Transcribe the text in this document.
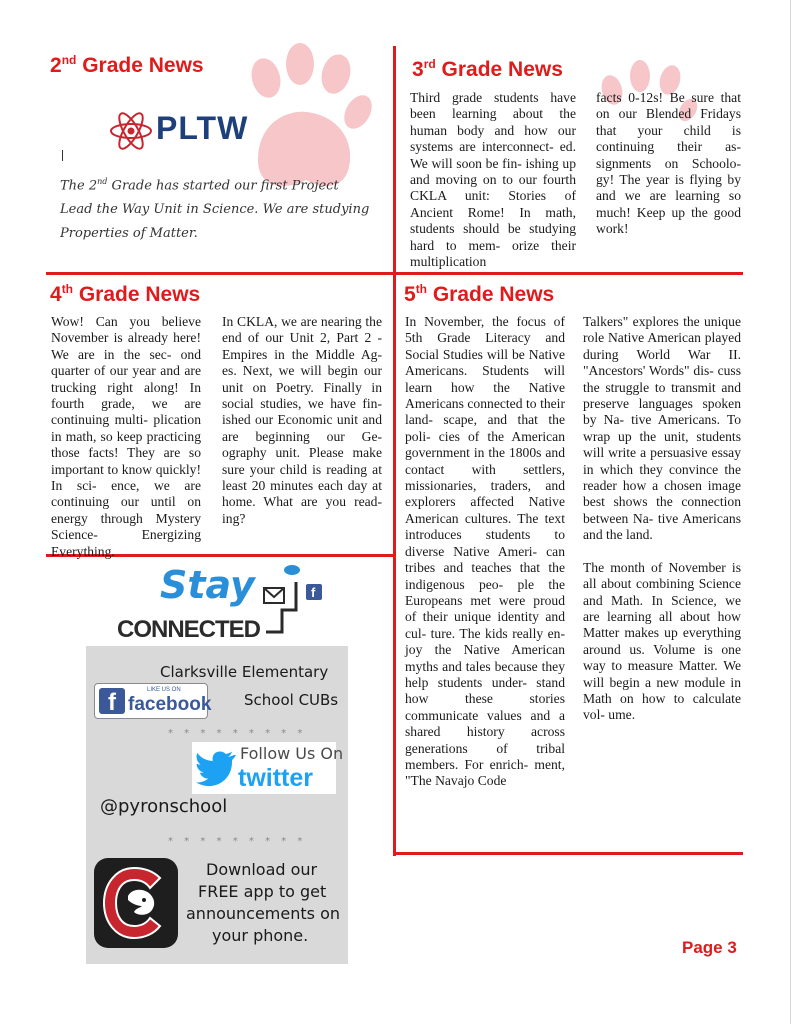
2nd Grade News
PLTW
The 2nd Grade has started our first Project
Lead the Way Unit in Science. We are studying
Properties of Matter.
3rd Grade News

Third grade students have been learning about the human body and how our systems are interconnect- ed. We will soon be fin- ishing up and moving on to our fourth CKLA unit: Stories of Ancient Rome! In math, students should be studying hard to mem- orize their multiplication

facts 0-12s! Be sure that on our Blended Fridays that your child is continuing their as- signments on Schoolo- gy! The year is flying by and we are learning so much! Keep up the good work!

4th Grade News

Wow! Can you believe November is already here! We are in the sec- ond quarter of our year and are trucking right along! In fourth grade, we are continuing multi- plication in math, so keep practicing those facts! They are so important to know quickly! In sci- ence, we are continuing our until on energy through Mystery Science- Energizing Everything.

In CKLA, we are nearing the end of our Unit 2, Part 2 -Empires in the Middle Ag- es. Next, we will begin our unit on Poetry. Finally in social studies, we have fin- ished our Economic unit and are beginning our Ge- ography unit. Please make sure your child is reading at least 20 minutes each day at home. What are you read- ing?

5th Grade News

In November, the focus of 5th Grade Literacy and Social Studies will be Native Americans. Students will learn how the Native Americans connected to their land- scape, and that the poli- cies of the American government in the 1800s and contact with settlers, missionaries, traders, and explorers affected Native American cultures. The text introduces students to diverse Native Ameri- can tribes and teaches that the indigenous peo- ple the Europeans met were proud of their unique identity and cul- ture. The kids really en- joy the Native American myths and tales because they help students under- stand how these stories communicate values and a shared history across generations of tribal members. For enrich- ment, "The Navajo Code

Talkers" explores the unique role Native American played during World War II. "Ancestors' Words" dis- cuss the struggle to transmit and preserve languages spoken by Na- tive Americans. To wrap up the unit, students will write a persuasive essay in which they convince the reader how a chosen image best shows the connection between Na- tive Americans and the land.

The month of November is all about combining Science and Math. In Science, we are learning all about how Matter makes up everything around us. Volume is one way to measure Matter. We will begin a new module in Math on how to calculate vol- ume.

Stay
CONNECTED
f
Clarksville Elementary
School CUBs
f	LIKE US ON
facebook
* * * * * * * * *
Follow Us On
twitter
@pyronschool
* * * * * * * * *
Download our
FREE app to get
announcements on
your phone.
Page 3
